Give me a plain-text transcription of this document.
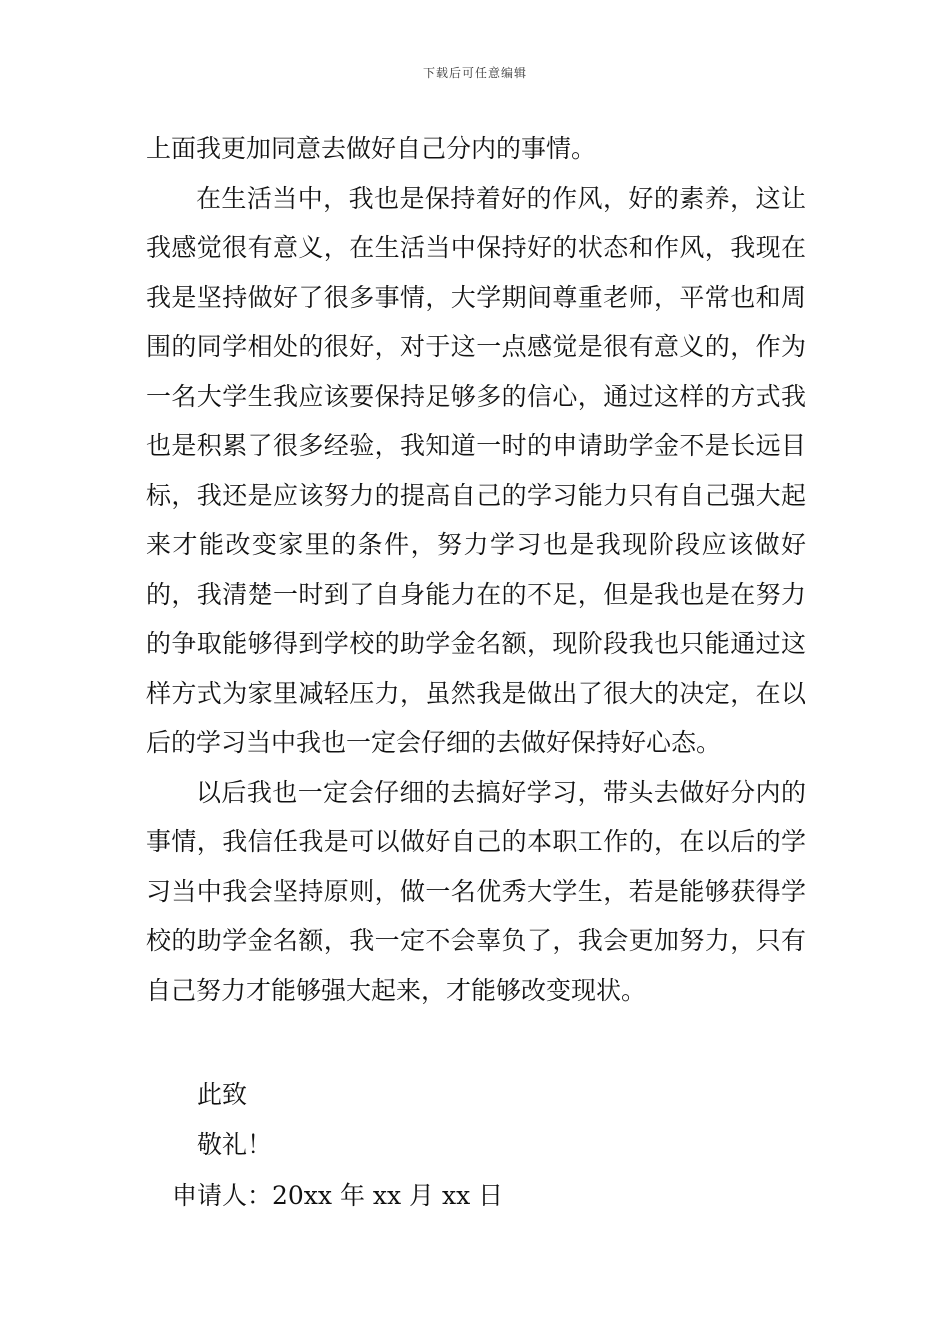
下载后可任意编辑

上面我更加同意去做好自己分内的事情。

在生活当中，我也是保持着好的作风，好的素养，这让我感觉很有意义，在生活当中保持好的状态和作风，我现在我是坚持做好了很多事情，大学期间尊重老师，平常也和周围的同学相处的很好，对于这一点感觉是很有意义的，作为一名大学生我应该要保持足够多的信心，通过这样的方式我也是积累了很多经验，我知道一时的申请助学金不是长远目标，我还是应该努力的提高自己的学习能力只有自己强大起来才能改变家里的条件，努力学习也是我现阶段应该做好的，我清楚一时到了自身能力在的不足，但是我也是在努力的争取能够得到学校的助学金名额，现阶段我也只能通过这样方式为家里减轻压力，虽然我是做出了很大的决定，在以后的学习当中我也一定会仔细的去做好保持好心态。

以后我也一定会仔细的去搞好学习，带头去做好分内的事情，我信任我是可以做好自己的本职工作的，在以后的学习当中我会坚持原则，做一名优秀大学生，若是能够获得学校的助学金名额，我一定不会辜负了，我会更加努力，只有自己努力才能够强大起来，才能够改变现状。

此致
敬礼！
申请人：20xx 年 xx 月 xx 日
